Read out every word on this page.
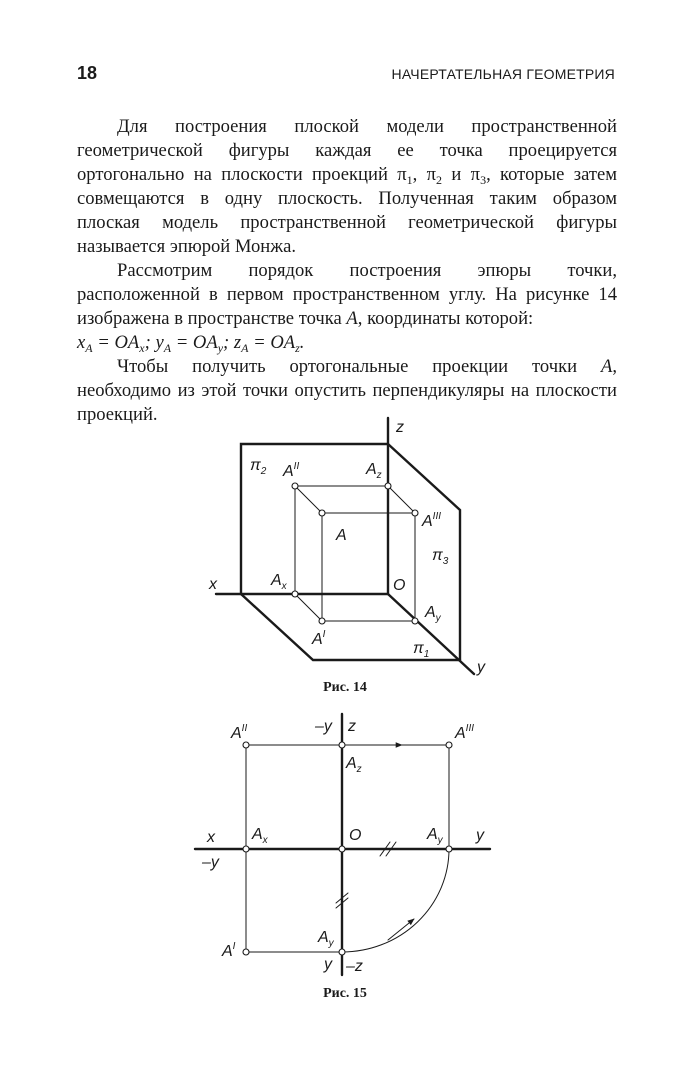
18	НАЧЕРТАТЕЛЬНАЯ ГЕОМЕТРИЯ

Для построения плоской модели пространственной геометрической фигуры каждая ее точка проецируется ортогонально на плоскости проекций $\pi_1$, $\pi_2$ и $\pi_3$, которые затем совмещаются в одну плоскость. Полученная таким образом плоская модель пространственной геометрической фигуры называется эпюрой Монжа.

Рассмотрим порядок построения эпюры точки, расположенной в первом пространственном углу. На рисунке 14 изображена в пространстве точка A, координаты которой:
$x_A = OA_x$; $y_A = OA_y$; $z_A = OA_z$.

Чтобы получить ортогональные проекции точки A, необходимо из этой точки опустить перпендикуляры на плоскости проекций.

z
x
y
O
$\pi_2$
$\pi_3$
$\pi_1$
$A^{II}$	$A_z$
$A^{III}$
A
$A_x$
$A_y$
$A^I$
Рис. 14
$A^{II}$	–y z	$A^{III}$
$A_z$
x $A_x$	O	$A_y$ y
–y
$A^I$
$A_y$
y –z
Рис. 15
